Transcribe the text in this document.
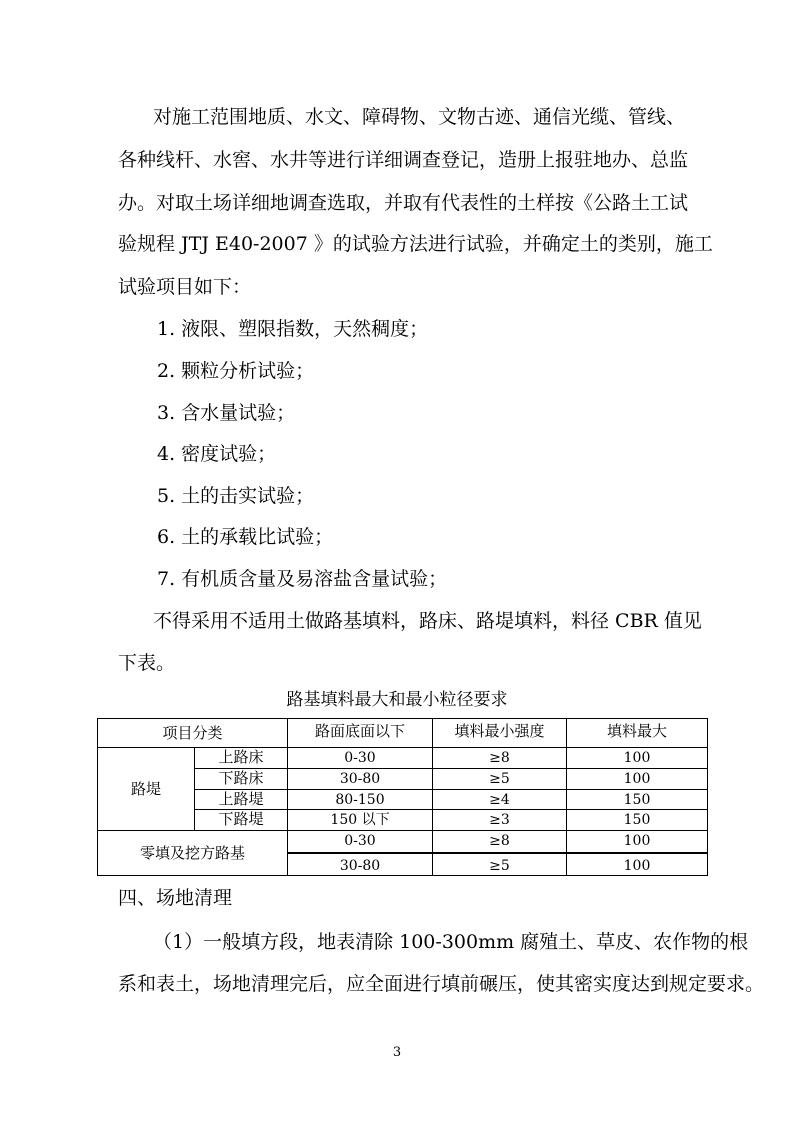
对施工范围地质、水文、障碍物、文物古迹、通信光缆、管线、
各种线杆、水窖、水井等进行详细调查登记，造册上报驻地办、总监
办。对取土场详细地调查选取，并取有代表性的土样按《公路土工试
验规程 JTJ E40-2007 》的试验方法进行试验，并确定土的类别，施工
试验项目如下：
1. 液限、塑限指数，天然稠度；
2. 颗粒分析试验；
3. 含水量试验；
4. 密度试验；
5. 土的击实试验；
6. 土的承载比试验；
7. 有机质含量及易溶盐含量试验；
不得采用不适用土做路基填料，路床、路堤填料，料径 CBR 值见
下表。
路基填料最大和最小粒径要求
项目分类	路面底面以下	填料最小强度	填料最大
路堤
上路床	0-30	≥8	100
下路床	30-80	≥5	100
上路堤	80-150	≥4	150
下路堤	150 以下	≥3	150
零填及挖方路基
0-30	≥8	100
30-80	≥5	100
四、场地清理
（1）一般填方段，地表清除 100-300mm 腐殖土、草皮、农作物的根
系和表土，场地清理完后，应全面进行填前碾压，使其密实度达到规定要求。
3
